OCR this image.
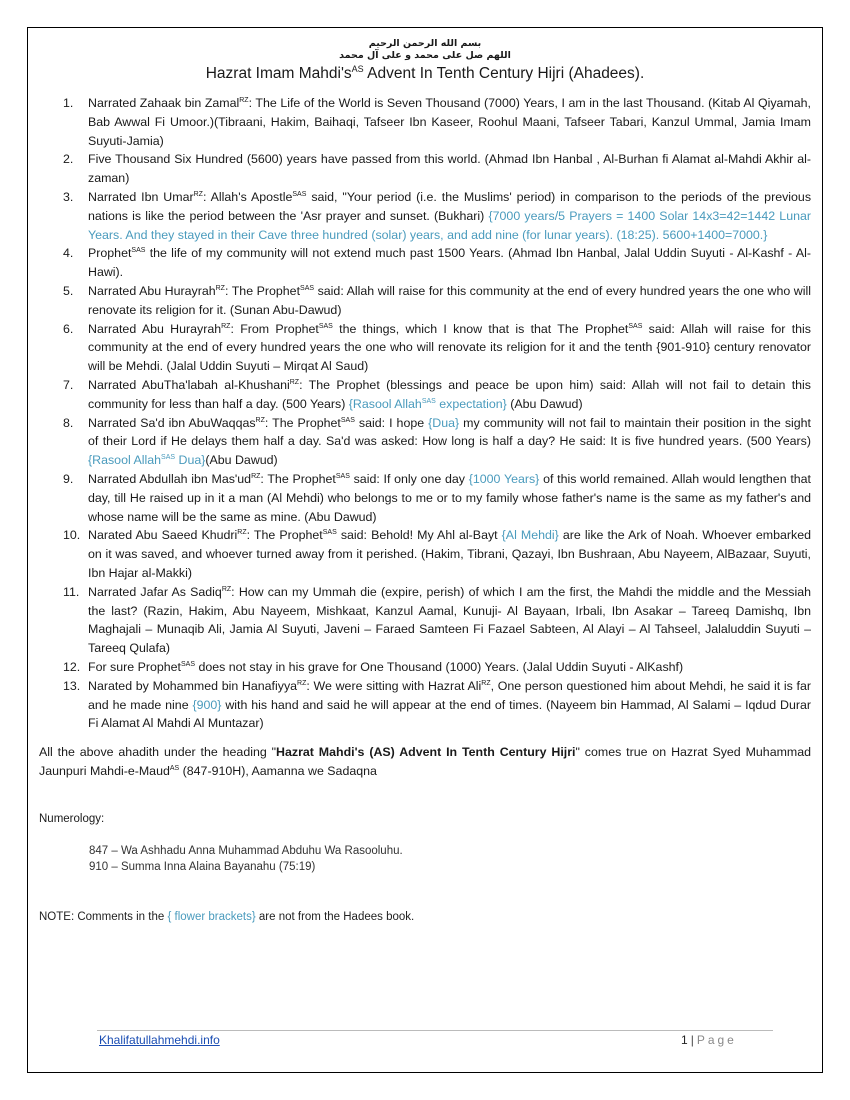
بسم الله الرحمن الرحيم

اللهم صل علی محمد و علی آل محمد

Hazrat Imam $Mahdi's^{AS}$ Advent In Tenth Century Hijri (Ahadees).
1. Narrated Zahaak bin Zamal$^{RZ}$: The Life of the World is Seven Thousand (7000) Years, I am in the last Thousand. (Kitab Al Qiyamah, Bab Awwal Fi Umoor.)(Tibraani, Hakim, Baihaqi, Tafseer Ibn Kaseer, Roohul Maani, Tafseer Tabari, Kanzul Ummal, Jamia Imam Suyuti-Jamia)
2. Five Thousand Six Hundred (5600) years have passed from this world. (Ahmad Ibn Hanbal , Al-Burhan fi Alamat al-Mahdi Akhir al-zaman)
3. Narrated Ibn Umar$^{RZ}$: Allah's Apostle$^{SAS}$ said, "Your period (i.e. the Muslims' period) in comparison to the periods of the previous nations is like the period between the 'Asr prayer and sunset. (Bukhari) {7000 years/5 Prayers = 1400 Solar 14x3=42=1442 Lunar Years. And they stayed in their Cave three hundred (solar) years, and add nine (for lunar years). (18:25). 5600+1400=7000.}
4. Prophet$^{SAS}$ the life of my community will not extend much past 1500 Years. (Ahmad Ibn Hanbal, Jalal Uddin Suyuti - Al-Kashf - Al-Hawi).
5. Narrated Abu Hurayrah$^{RZ}$: The Prophet$^{SAS}$ said: Allah will raise for this community at the end of every hundred years the one who will renovate its religion for it. (Sunan Abu-Dawud)
6. Narrated Abu Hurayrah$^{RZ}$: From Prophet$^{SAS}$ the things, which I know that is that The Prophet$^{SAS}$ said: Allah will raise for this community at the end of every hundred years the one who will renovate its religion for it and the tenth {901-910} century renovator will be Mehdi. (Jalal Uddin Suyuti – Mirqat Al Saud)
7. Narrated AbuTha'labah al-Khushani$^{RZ}$: The Prophet (blessings and peace be upon him) said: Allah will not fail to detain this community for less than half a day. (500 Years) {Rasool Allah$^{SAS}$ expectation} (Abu Dawud)
8. Narrated Sa'd ibn AbuWaqqas$^{RZ}$: The Prophet$^{SAS}$ said: I hope {Dua} my community will not fail to maintain their position in the sight of their Lord if He delays them half a day. Sa'd was asked: How long is half a day? He said: It is five hundred years. (500 Years) {Rasool Allah$^{SAS}$ Dua}(Abu Dawud)
9. Narrated Abdullah ibn $Mas'ud^{RZ}$: The Prophet$^{SAS}$ said: If only one day {1000 Years} of this world remained. Allah would lengthen that day, till He raised up in it a man (Al Mehdi) who belongs to me or to my family whose father's name is the same as my father's and whose name will be the same as mine. (Abu Dawud)
10. Narated Abu Saeed Khudri$^{RZ}$: The Prophet$^{SAS}$ said: Behold! My Ahl al-Bayt {Al Mehdi} are like the Ark of Noah. Whoever embarked on it was saved, and whoever turned away from it perished. (Hakim, Tibrani, Qazayi, Ibn Bushraan, Abu Nayeem, AlBazaar, Suyuti, Ibn Hajar al-Makki)
11. Narrated Jafar As Sadiq$^{RZ}$: How can my Ummah die (expire, perish) of which I am the first, the Mahdi the middle and the Messiah the last? (Razin, Hakim, Abu Nayeem, Mishkaat, Kanzul Aamal, Kunuji- Al Bayaan, Irbali, Ibn Asakar – Tareeq Damishq, Ibn Maghajali – Munaqib Ali, Jamia Al Suyuti, Javeni – Faraed Samteen Fi Fazael Sabteen, Al Alayi – Al Tahseel, Jalaluddin Suyuti – Tareeq Qulafa)
12. For sure Prophet$^{SAS}$ does not stay in his grave for One Thousand (1000) Years. (Jalal Uddin Suyuti - AlKashf)
13. Narated by Mohammed bin Hanafiyya$^{RZ}$: We were sitting with Hazrat Ali$^{RZ}$, One person questioned him about Mehdi, he said it is far and he made nine {900} with his hand and said he will appear at the end of times. (Nayeem bin Hammad, Al Salami – Iqdud Durar Fi Alamat Al Mahdi Al Muntazar)

All the above ahadith under the heading "Hazrat Mahdi's (AS) Advent In Tenth Century Hijri" comes true on Hazrat Syed Muhammad Jaunpuri Mahdi-e-Maud$^{AS}$ (847-910H), Aamanna we Sadaqna

Numerology:

847 – Wa Ashhadu Anna Muhammad Abduhu Wa Rasooluhu.
910 – Summa Inna Alaina Bayanahu (75:19)

NOTE: Comments in the { flower brackets} are not from the Hadees book.

Khalifatullahmehdi.info	1 | Page
